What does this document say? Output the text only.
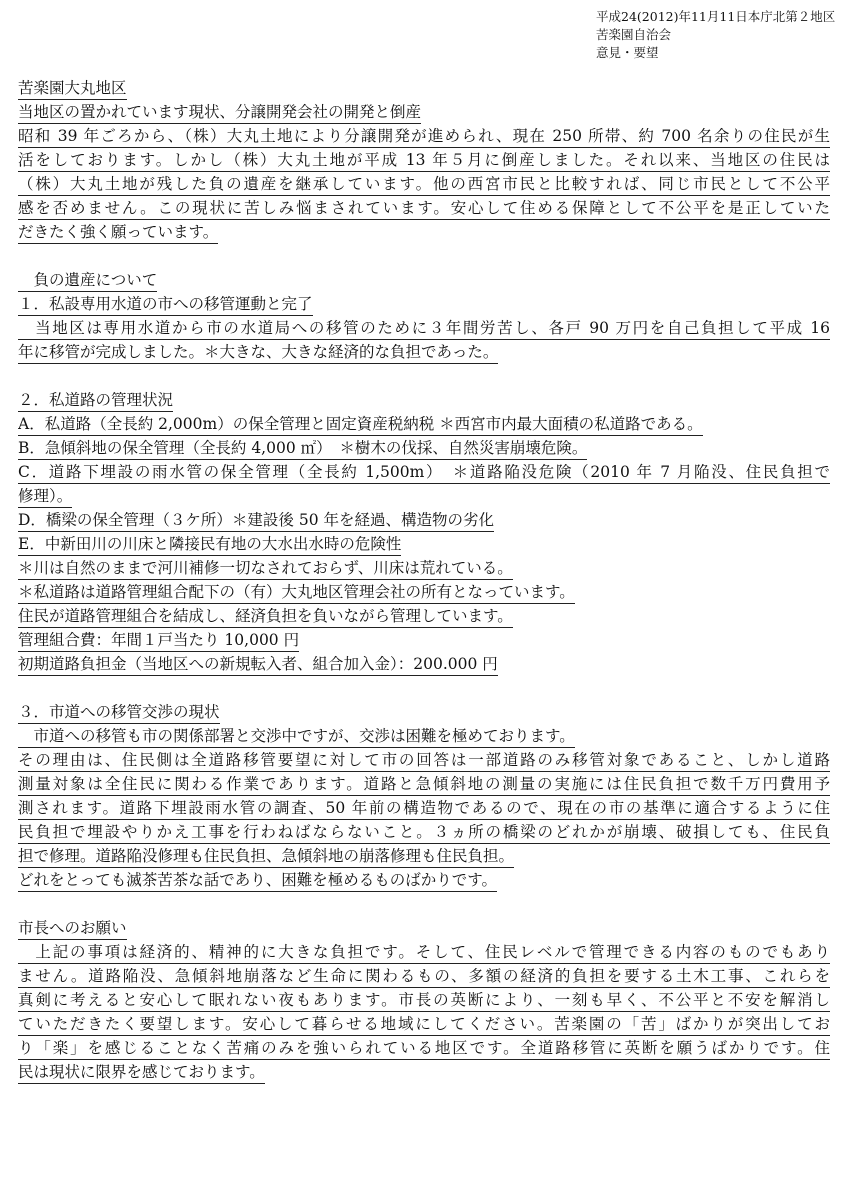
平成24(2012)年11月11日本庁北第２地区
苦楽園自治会
意見・要望
苦楽園大丸地区
当地区の置かれています現状、分譲開発会社の開発と倒産
昭和 39 年ごろから、（株）大丸土地により分譲開発が進められ、現在 250 所帯、約 700 名余りの住民が生
活をしております。しかし（株）大丸土地が平成 13 年５月に倒産しました。それ以来、当地区の住民は
（株）大丸土地が残した負の遺産を継承しています。他の西宮市民と比較すれば、同じ市民として不公平
感を否めません。この現状に苦しみ悩まされています。安心して住める保障として不公平を是正していた
だきたく強く願っています。
　負の遺産について
１．私設専用水道の市への移管運動と完了
　当地区は専用水道から市の水道局への移管のために３年間労苦し、各戸 90 万円を自己負担して平成 16
年に移管が完成しました。＊大きな、大きな経済的な負担であった。
２．私道路の管理状況
A．私道路（全長約 2,000m）の保全管理と固定資産税納税 ＊西宮市内最大面積の私道路である。
B．急傾斜地の保全管理（全長約 4,000 ㎡）　＊樹木の伐採、自然災害崩壊危険。
C．道路下埋設の雨水管の保全管理（全長約 1,500m）　＊道路陥没危険（2010 年 7 月陥没、住民負担で
修理）。
D．橋梁の保全管理（３ケ所）＊建設後 50 年を経過、構造物の劣化
E．中新田川の川床と隣接民有地の大水出水時の危険性
＊川は自然のままで河川補修一切なされておらず、川床は荒れている。
＊私道路は道路管理組合配下の（有）大丸地区管理会社の所有となっています。
住民が道路管理組合を結成し、経済負担を負いながら管理しています。
管理組合費：年間１戸当たり 10,000 円
初期道路負担金（当地区への新規転入者、組合加入金）：200.000 円
３．市道への移管交渉の現状
　市道への移管も市の関係部署と交渉中ですが、交渉は困難を極めております。
その理由は、住民側は全道路移管要望に対して市の回答は一部道路のみ移管対象であること、しかし道路
測量対象は全住民に関わる作業であります。道路と急傾斜地の測量の実施には住民負担で数千万円費用予
測されます。道路下埋設雨水管の調査、50 年前の構造物であるので、現在の市の基準に適合するように住
民負担で埋設やりかえ工事を行わねばならないこと。３ヵ所の橋梁のどれかが崩壊、破損しても、住民負
担で修理。道路陥没修理も住民負担、急傾斜地の崩落修理も住民負担。
どれをとっても滅茶苦茶な話であり、困難を極めるものばかりです。
市長へのお願い
　上記の事項は経済的、精神的に大きな負担です。そして、住民レベルで管理できる内容のものでもあり
ません。道路陥没、急傾斜地崩落など生命に関わるもの、多額の経済的負担を要する土木工事、これらを
真剣に考えると安心して眠れない夜もあります。市長の英断により、一刻も早く、不公平と不安を解消し
ていただきたく要望します。安心して暮らせる地域にしてください。苦楽園の「苦」ばかりが突出してお
り「楽」を感じることなく苦痛のみを強いられている地区です。全道路移管に英断を願うばかりです。住
民は現状に限界を感じております。
